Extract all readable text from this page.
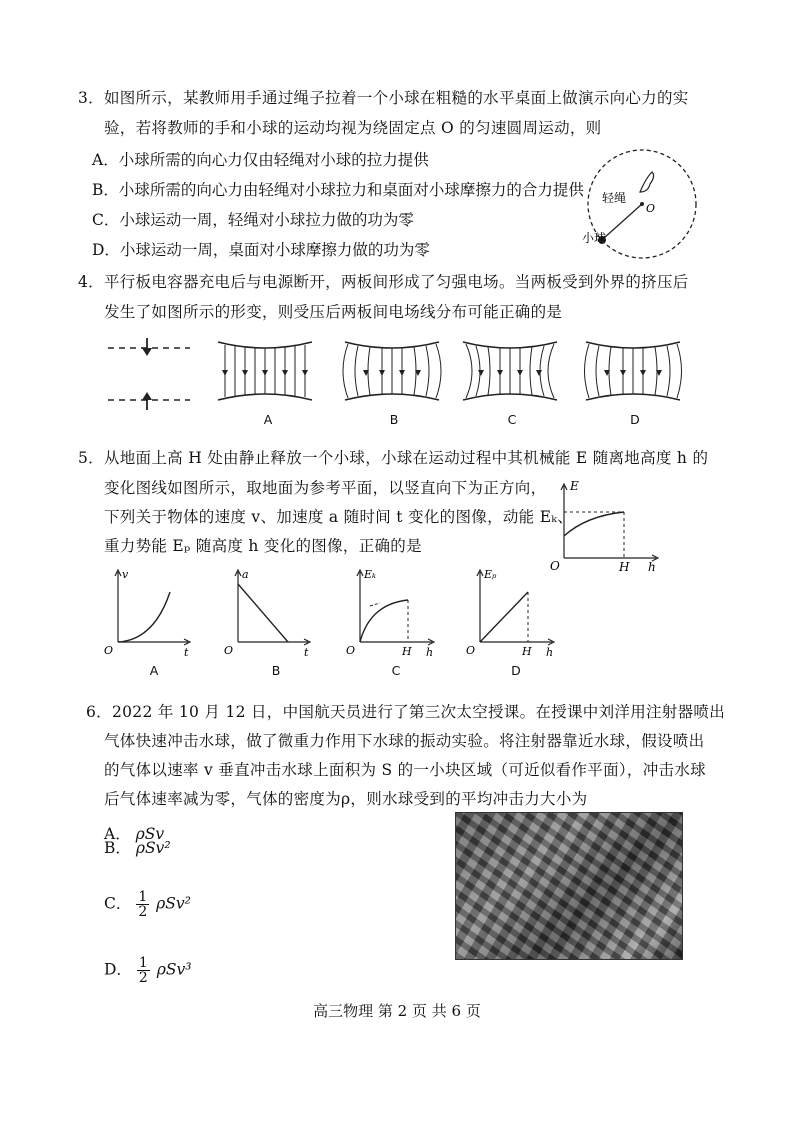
3．如图所示，某教师用手通过绳子拉着一个小球在粗糙的水平桌面上做演示向心力的实
验，若将教师的手和小球的运动均视为绕固定点 O 的匀速圆周运动，则
A．小球所需的向心力仅由轻绳对小球的拉力提供
B．小球所需的向心力由轻绳对小球拉力和桌面对小球摩擦力的合力提供
C．小球运动一周，轻绳对小球拉力做的功为零
D．小球运动一周，桌面对小球摩擦力做的功为零
轻绳
O
小球
4．平行板电容器充电后与电源断开，两板间形成了匀强电场。当两板受到外界的挤压后
发生了如图所示的形变，则受压后两板间电场线分布可能正确的是
A	B	C	D
5．从地面上高 H 处由静止释放一个小球，小球在运动过程中其机械能 E 随离地高度 h 的
变化图线如图所示，取地面为参考平面，以竖直向下为正方向，
下列关于物体的速度 v、加速度 a 随时间 t 变化的图像，动能 Eₖ、
重力势能 Eₚ 随高度 h 变化的图像，正确的是
E
O	H h
v
O	t
a
O	t
Eₖ
O	H h
Eₚ
O	H h
A	B	C	D
6．2022 年 10 月 12 日，中国航天员进行了第三次太空授课。在授课中刘洋用注射器喷出
气体快速冲击水球，做了微重力作用下水球的振动实验。将注射器靠近水球，假设喷出
的气体以速率 v 垂直冲击水球上面积为 S 的一小块区域（可近似看作平面），冲击水球
后气体速率减为零，气体的密度为ρ，则水球受到的平均冲击力大小为
A． ρSv
B． ρSv²
C． $\frac{1}{2} \rho Sv^2$
D． $\frac{1}{2} \rho Sv^3$
高三物理 第 2 页 共 6 页
